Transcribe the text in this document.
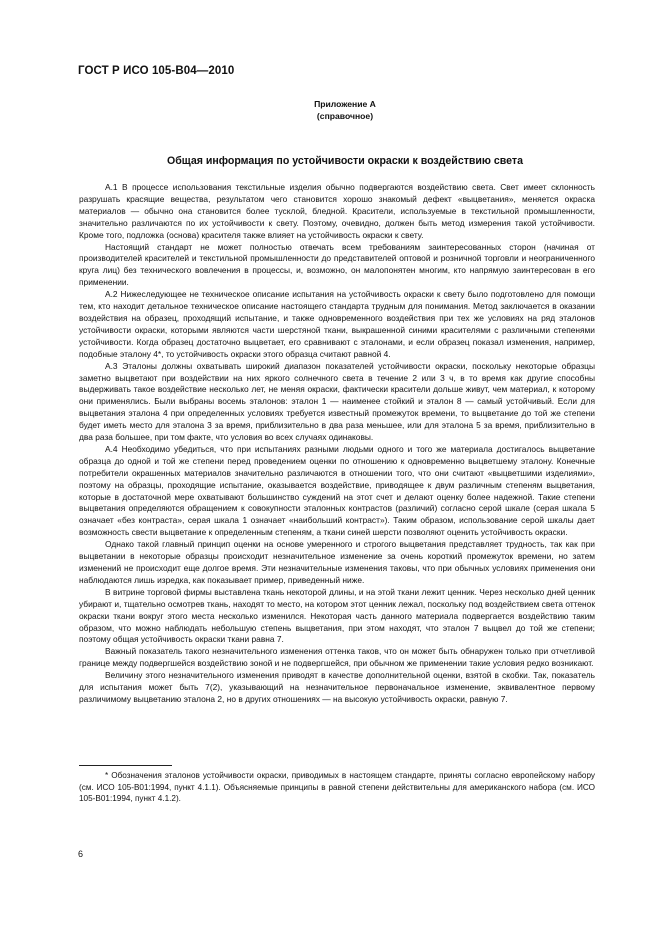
ГОСТ Р ИСО 105-В04—2010
Приложение А
(справочное)
Общая информация по устойчивости окраски к воздействию света

А.1 В процессе использования текстильные изделия обычно подвергаются воздействию света. Свет имеет склонность разрушать красящие вещества, результатом чего становится хорошо знакомый дефект «выцветания», меняется окраска материалов — обычно она становится более тусклой, бледной. Красители, используемые в текстильной промышленности, значительно различаются по их устойчивости к свету. Поэтому, очевидно, должен быть метод измерения такой устойчивости. Кроме того, подложка (основа) красителя также влияет на устойчивость окраски к свету.

Настоящий стандарт не может полностью отвечать всем требованиям заинтересованных сторон (начиная от производителей красителей и текстильной промышленности до представителей оптовой и розничной торговли и неограниченного круга лиц) без технического вовлечения в процессы, и, возможно, он малопонятен многим, кто напрямую заинтересован в его применении.

А.2 Нижеследующее не техническое описание испытания на устойчивость окраски к свету было подготовлено для помощи тем, кто находит детальное техническое описание настоящего стандарта трудным для понимания. Метод заключается в оказании воздействия на образец, проходящий испытание, и также одновременного воздействия при тех же условиях на ряд эталонов устойчивости окраски, которыми являются части шерстяной ткани, выкрашенной синими красителями с различными степенями устойчивости. Когда образец достаточно выцветает, его сравнивают с эталонами, и если образец показал изменения, например, подобные эталону 4*, то устойчивость окраски этого образца считают равной 4.

А.3 Эталоны должны охватывать широкий диапазон показателей устойчивости окраски, поскольку некоторые образцы заметно выцветают при воздействии на них яркого солнечного света в течение 2 или 3 ч, в то время как другие способны выдерживать такое воздействие несколько лет, не меняя окраски, фактически красители дольше живут, чем материал, к которому они применялись. Были выбраны восемь эталонов: эталон 1 — наименее стойкий и эталон 8 — самый устойчивый. Если для выцветания эталона 4 при определенных условиях требуется известный промежуток времени, то выцветание до той же степени будет иметь место для эталона 3 за время, приблизительно в два раза меньшее, или для эталона 5 за время, приблизительно в два раза большее, при том факте, что условия во всех случаях одинаковы.

А.4 Необходимо убедиться, что при испытаниях разными людьми одного и того же материала достигалось выцветание образца до одной и той же степени перед проведением оценки по отношению к одновременно выцветшему эталону. Конечные потребители окрашенных материалов значительно различаются в отношении того, что они считают «выцветшими изделиями», поэтому на образцы, проходящие испытание, оказывается воздействие, приводящее к двум различным степеням выцветания, которые в достаточной мере охватывают большинство суждений на этот счет и делают оценку более надежной. Такие степени выцветания определяются обращением к совокупности эталонных контрастов (различий) согласно серой шкале (серая шкала 5 означает «без контраста», серая шкала 1 означает «наибольший контраст»). Таким образом, использование серой шкалы дает возможность свести выцветание к определенным степеням, а ткани синей шерсти позволяют оценить устойчивость окраски.

Однако такой главный принцип оценки на основе умеренного и строгого выцветания представляет трудность, так как при выцветании в некоторые образцы происходит незначительное изменение за очень короткий промежуток времени, но затем изменений не происходит еще долгое время. Эти незначительные изменения таковы, что при обычных условиях применения они наблюдаются лишь изредка, как показывает пример, приведенный ниже.

В витрине торговой фирмы выставлена ткань некоторой длины, и на этой ткани лежит ценник. Через несколько дней ценник убирают и, тщательно осмотрев ткань, находят то место, на котором этот ценник лежал, поскольку под воздействием света оттенок окраски ткани вокруг этого места несколько изменился. Некоторая часть данного материала подвергается воздействию таким образом, что можно наблюдать небольшую степень выцветания, при этом находят, что эталон 7 выцвел до той же степени; поэтому общая устойчивость окраски ткани равна 7.

Важный показатель такого незначительного изменения оттенка таков, что он может быть обнаружен только при отчетливой границе между подвергшейся воздействию зоной и не подвергшейся, при обычном же применении такие условия редко возникают.

Величину этого незначительного изменения приводят в качестве дополнительной оценки, взятой в скобки. Так, показатель для испытания может быть 7(2), указывающий на незначительное первоначальное изменение, эквивалентное первому различимому выцветанию эталона 2, но в других отношениях — на высокую устойчивость окраски, равную 7.

* Обозначения эталонов устойчивости окраски, приводимых в настоящем стандарте, приняты согласно европейскому набору (см. ИСО 105-В01:1994, пункт 4.1.1). Объясняемые принципы в равной степени действительны для американского набора (см. ИСО 105-В01:1994, пункт 4.1.2).
6
